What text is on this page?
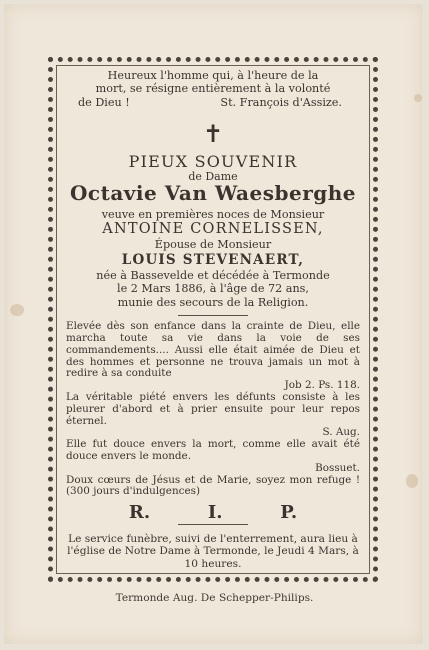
Heureux l'homme qui, à l'heure de la
mort, se résigne entièrement à la volonté
de Dieu !	St. François d'Assize.
✝
PIEUX SOUVENIR
de Dame
Octavie Van Waesberghe
veuve en premières noces de Monsieur
ANTOINE CORNELISSEN,
Épouse de Monsieur
LOUIS STEVENAERT,
née à Bassevelde et décédée à Termonde
le 2 Mars 1886, à l'âge de 72 ans,
munie des secours de la Religion.

Elevée dès son enfance dans la crainte de Dieu, elle marcha toute sa vie dans la voie de ses commandements.... Aussi elle était aimée de Dieu et des hommes et personne ne trouva jamais un mot à redire à sa conduite

Job 2. Ps. 118.

La véritable piété envers les défunts consiste à les pleurer d'abord et à prier ensuite pour leur repos éternel.

S. Aug.

Elle fut douce envers la mort, comme elle avait été douce envers le monde.

Bossuet.

Doux cœurs de Jésus et de Marie, soyez mon refuge ! (300 jours d'indulgences)

R.	I.	P.
Le service funèbre, suivi de l'enterrement, aura lieu à l'église de Notre Dame à Termonde, le Jeudi 4 Mars, à 10 heures.
Termonde Aug. De Schepper-Philips.
